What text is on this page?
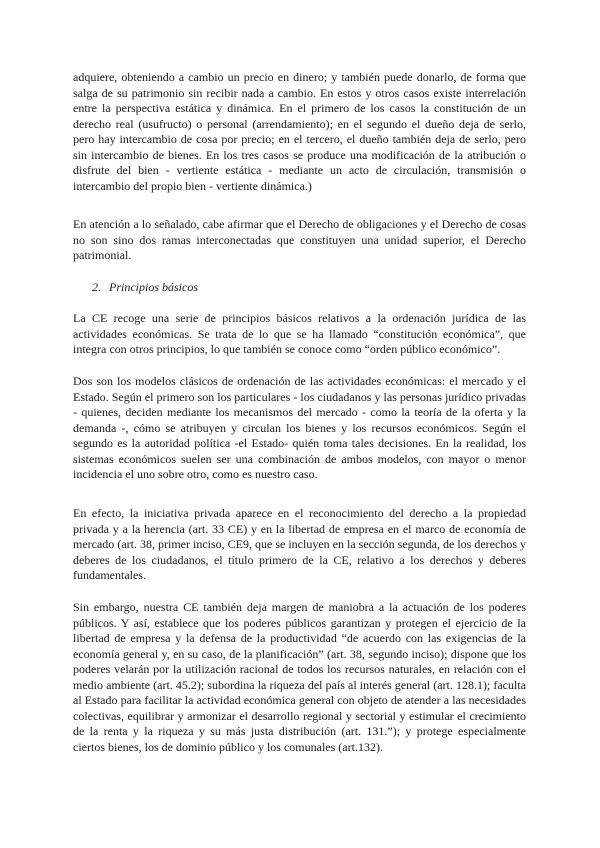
adquiere, obteniendo a cambio un precio en dinero; y también puede donarlo, de forma que salga de su patrimonio sin recibir nada a cambio. En estos y otros casos existe interrelación entre la perspectiva estática y dinámica. En el primero de los casos la constitución de un derecho real (usufructo) o personal (arrendamiento); en el segundo el dueño deja de serlo, pero hay intercambio de cosa por precio; en el tercero, el dueño también deja de serlo, pero sin intercambio de bienes. En los tres casos se produce una modificación de la atribución o disfrute del bien - vertiente estática - mediante un acto de circulación, transmisión o intercambio del propio bien - vertiente dinámica.)

En atención a lo señalado, cabe afirmar que el Derecho de obligaciones y el Derecho de cosas no son sino dos ramas interconectadas que constituyen una unidad superior, el Derecho patrimonial.

2. Principios básicos

La CE recoge una serie de principios básicos relativos a la ordenación jurídica de las actividades económicas. Se trata de lo que se ha llamado “constitución económica”, que integra con otros principios, lo que también se conoce como “orden público económico”.

Dos son los modelos clásicos de ordenación de las actividades económicas: el mercado y el Estado. Según el primero son los particulares - los ciudadanos y las personas jurídico privadas - quienes, deciden mediante los mecanismos del mercado - como la teoría de la oferta y la demanda -, cómo se atribuyen y circulan los bienes y los recursos económicos. Según el segundo es la autoridad política -el Estado- quién toma tales decisiones. En la realidad, los sistemas económicos suelen ser una combinación de ambos modelos, con mayor o menor incidencia el uno sobre otro, como es nuestro caso.

En efecto, la iniciativa privada aparece en el reconocimiento del derecho a la propiedad privada y a la herencia (art. 33 CE) y en la libertad de empresa en el marco de economía de mercado (art. 38, primer inciso, CE9, que se incluyen en la sección segunda, de los derechos y deberes de los ciudadanos, el título primero de la CE, relativo a los derechos y deberes fundamentales.

Sin embargo, nuestra CE también deja margen de maniobra a la actuación de los poderes públicos. Y así, establece que los poderes públicos garantizan y protegen el ejercicio de la libertad de empresa y la defensa de la productividad “de acuerdo con las exigencias de la economía general y, en su caso, de la planificación” (art. 38, segundo inciso); dispone que los poderes velarán por la utilización racional de todos los recursos naturales, en relación con el medio ambiente (art. 45.2); subordina la riqueza del país al interés general (art. 128.1); faculta al Estado para facilitar la actividad económica general con objeto de atender a las necesidades colectivas, equilibrar y armonizar el desarrollo regional y sectorial y estimular el crecimiento de la renta y la riqueza y su más justa distribución (art. 131.”); y protege especialmente ciertos bienes, los de dominio público y los comunales (art.132).
